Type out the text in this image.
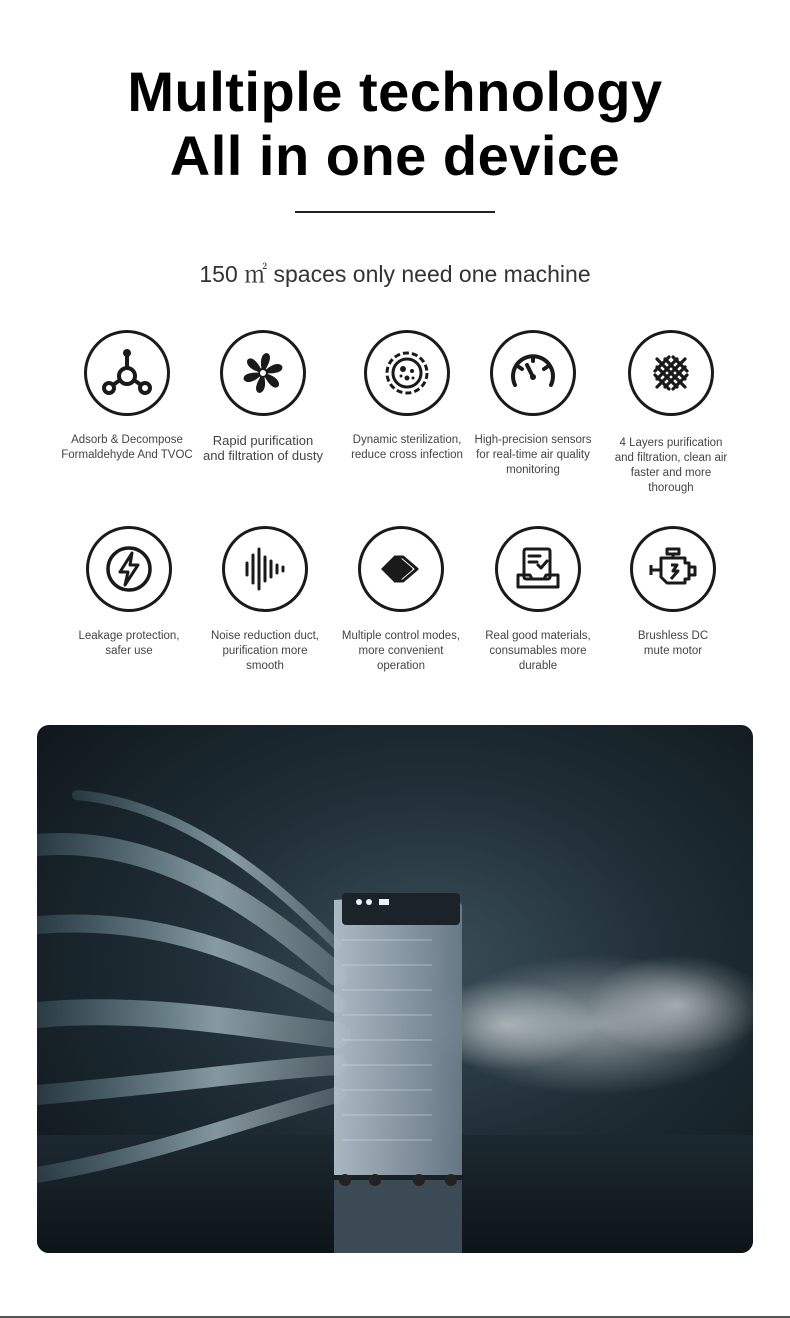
Multiple technology
All in one device
150 ㎡ spaces only need one machine
Adsorb & Decompose
Formaldehyde And TVOC
Rapid purification
and filtration of dusty
Dynamic sterilization,
reduce cross infection
High-precision sensors
for real-time air quality
monitoring
4 Layers purification
and filtration, clean air
faster and more
thorough
Leakage protection,
safer use
Noise reduction duct,
purification more
smooth
Multiple control modes,
more convenient
operation
Real good materials,
consumables more
durable
Brushless DC
mute motor
